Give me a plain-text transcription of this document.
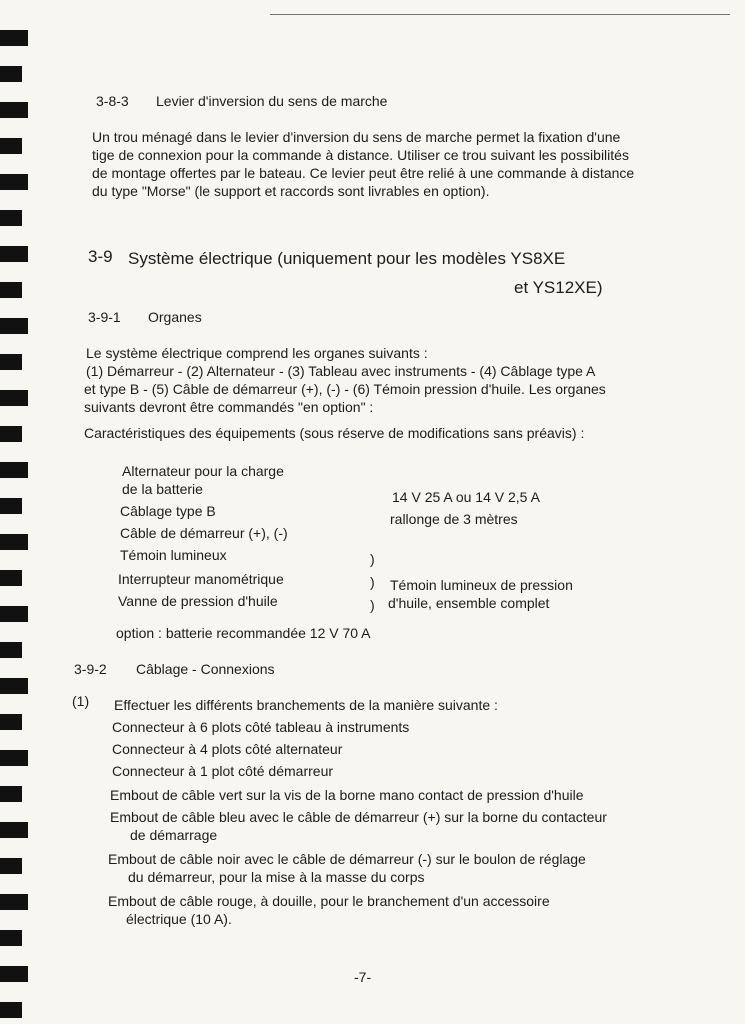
3-8-3 Levier d'inversion du sens de marche
Un trou ménagé dans le levier d'inversion du sens de marche permet la fixation d'une
tige de connexion pour la commande à distance. Utiliser ce trou suivant les possibilités
de montage offertes par le bateau. Ce levier peut être relié à une commande à distance
du type "Morse" (le support et raccords sont livrables en option).
3-9 Système électrique (uniquement pour les modèles YS8XE
et YS12XE)
3-9-1 Organes
Le système électrique comprend les organes suivants :
(1) Démarreur - (2) Alternateur - (3) Tableau avec instruments - (4) Câblage type A
et type B - (5) Câble de démarreur (+), (-) - (6) Témoin pression d'huile. Les organes
suivants devront être commandés "en option" :
Caractéristiques des équipements (sous réserve de modifications sans préavis) :
Alternateur pour la charge
de la batterie
Câblage type B
Câble de démarreur (+), (-)
Témoin lumineux
Interrupteur manométrique
Vanne de pression d'huile
14 V 25 A ou 14 V 2,5 A
rallonge de 3 mètres
)
)
)
Témoin lumineux de pression
d'huile, ensemble complet
option : batterie recommandée 12 V 70 A
3-9-2 Câblage - Connexions
(1) Effectuer les différents branchements de la manière suivante :
Connecteur à 6 plots côté tableau à instruments
Connecteur à 4 plots côté alternateur
Connecteur à 1 plot côté démarreur
Embout de câble vert sur la vis de la borne mano contact de pression d'huile
Embout de câble bleu avec le câble de démarreur (+) sur la borne du contacteur
de démarrage
Embout de câble noir avec le câble de démarreur (-) sur le boulon de réglage
du démarreur, pour la mise à la masse du corps
Embout de câble rouge, à douille, pour le branchement d'un accessoire
électrique (10 A).
-7-
